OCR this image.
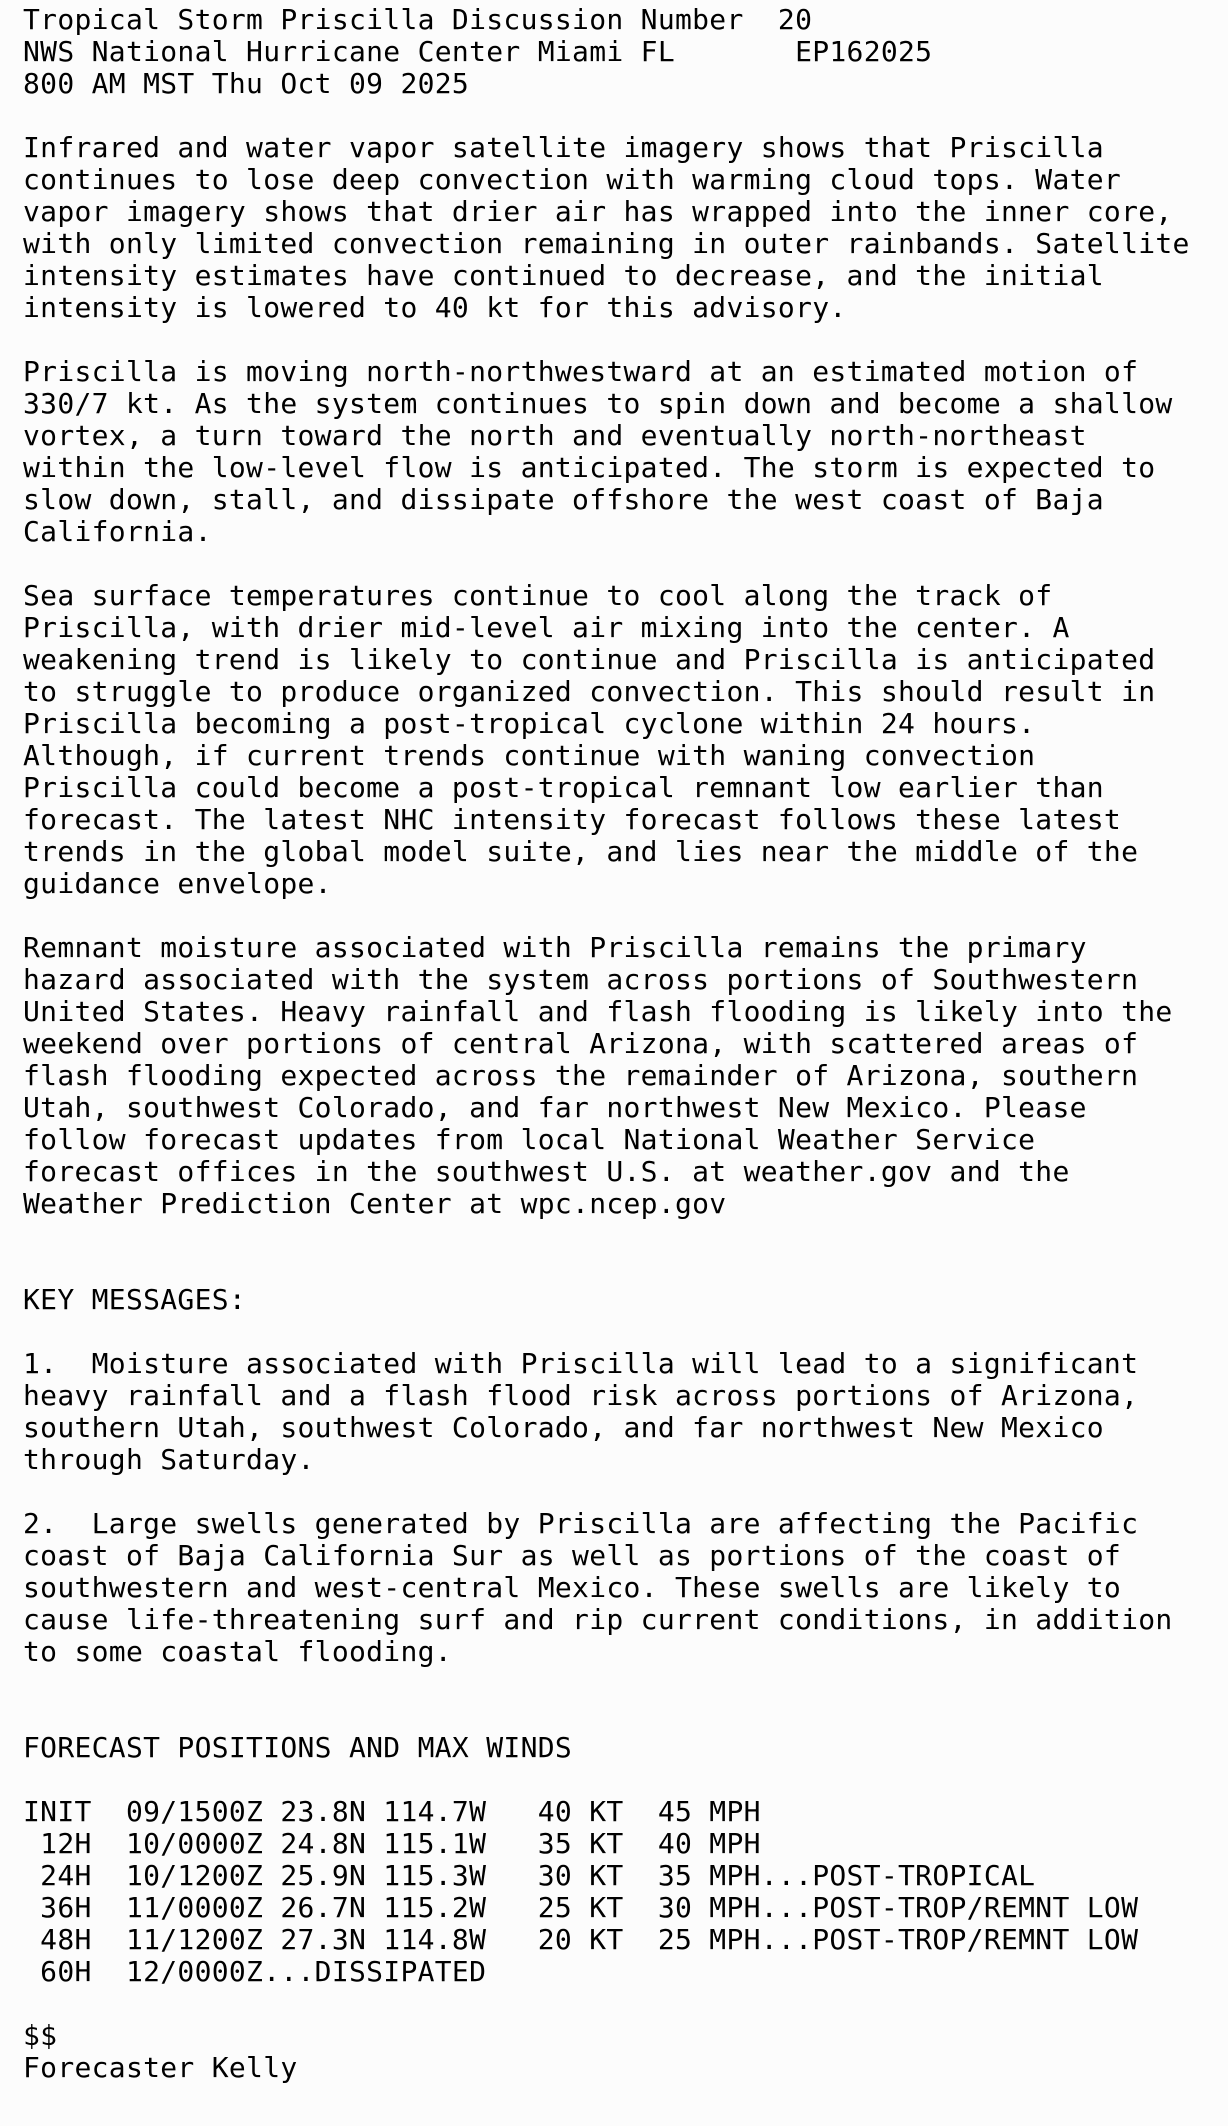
Tropical Storm Priscilla Discussion Number  20
NWS National Hurricane Center Miami FL       EP162025
800 AM MST Thu Oct 09 2025
Infrared and water vapor satellite imagery shows that Priscilla
continues to lose deep convection with warming cloud tops. Water
vapor imagery shows that drier air has wrapped into the inner core,
with only limited convection remaining in outer rainbands. Satellite
intensity estimates have continued to decrease, and the initial
intensity is lowered to 40 kt for this advisory.
Priscilla is moving north-northwestward at an estimated motion of
330/7 kt. As the system continues to spin down and become a shallow
vortex, a turn toward the north and eventually north-northeast
within the low-level flow is anticipated. The storm is expected to
slow down, stall, and dissipate offshore the west coast of Baja
California.
Sea surface temperatures continue to cool along the track of
Priscilla, with drier mid-level air mixing into the center. A
weakening trend is likely to continue and Priscilla is anticipated
to struggle to produce organized convection. This should result in
Priscilla becoming a post-tropical cyclone within 24 hours.
Although, if current trends continue with waning convection
Priscilla could become a post-tropical remnant low earlier than
forecast. The latest NHC intensity forecast follows these latest
trends in the global model suite, and lies near the middle of the
guidance envelope.
Remnant moisture associated with Priscilla remains the primary
hazard associated with the system across portions of Southwestern
United States. Heavy rainfall and flash flooding is likely into the
weekend over portions of central Arizona, with scattered areas of
flash flooding expected across the remainder of Arizona, southern
Utah, southwest Colorado, and far northwest New Mexico. Please
follow forecast updates from local National Weather Service
forecast offices in the southwest U.S. at weather.gov and the
Weather Prediction Center at wpc.ncep.gov
KEY MESSAGES:
1.  Moisture associated with Priscilla will lead to a significant
heavy rainfall and a flash flood risk across portions of Arizona,
southern Utah, southwest Colorado, and far northwest New Mexico
through Saturday.
2.  Large swells generated by Priscilla are affecting the Pacific
coast of Baja California Sur as well as portions of the coast of
southwestern and west-central Mexico. These swells are likely to
cause life-threatening surf and rip current conditions, in addition
to some coastal flooding.
FORECAST POSITIONS AND MAX WINDS
INIT  09/1500Z 23.8N 114.7W   40 KT  45 MPH
12H  10/0000Z 24.8N 115.1W   35 KT  40 MPH
24H  10/1200Z 25.9N 115.3W   30 KT  35 MPH...POST-TROPICAL
36H  11/0000Z 26.7N 115.2W   25 KT  30 MPH...POST-TROP/REMNT LOW
48H  11/1200Z 27.3N 114.8W   20 KT  25 MPH...POST-TROP/REMNT LOW
60H  12/0000Z...DISSIPATED
$$
Forecaster Kelly
